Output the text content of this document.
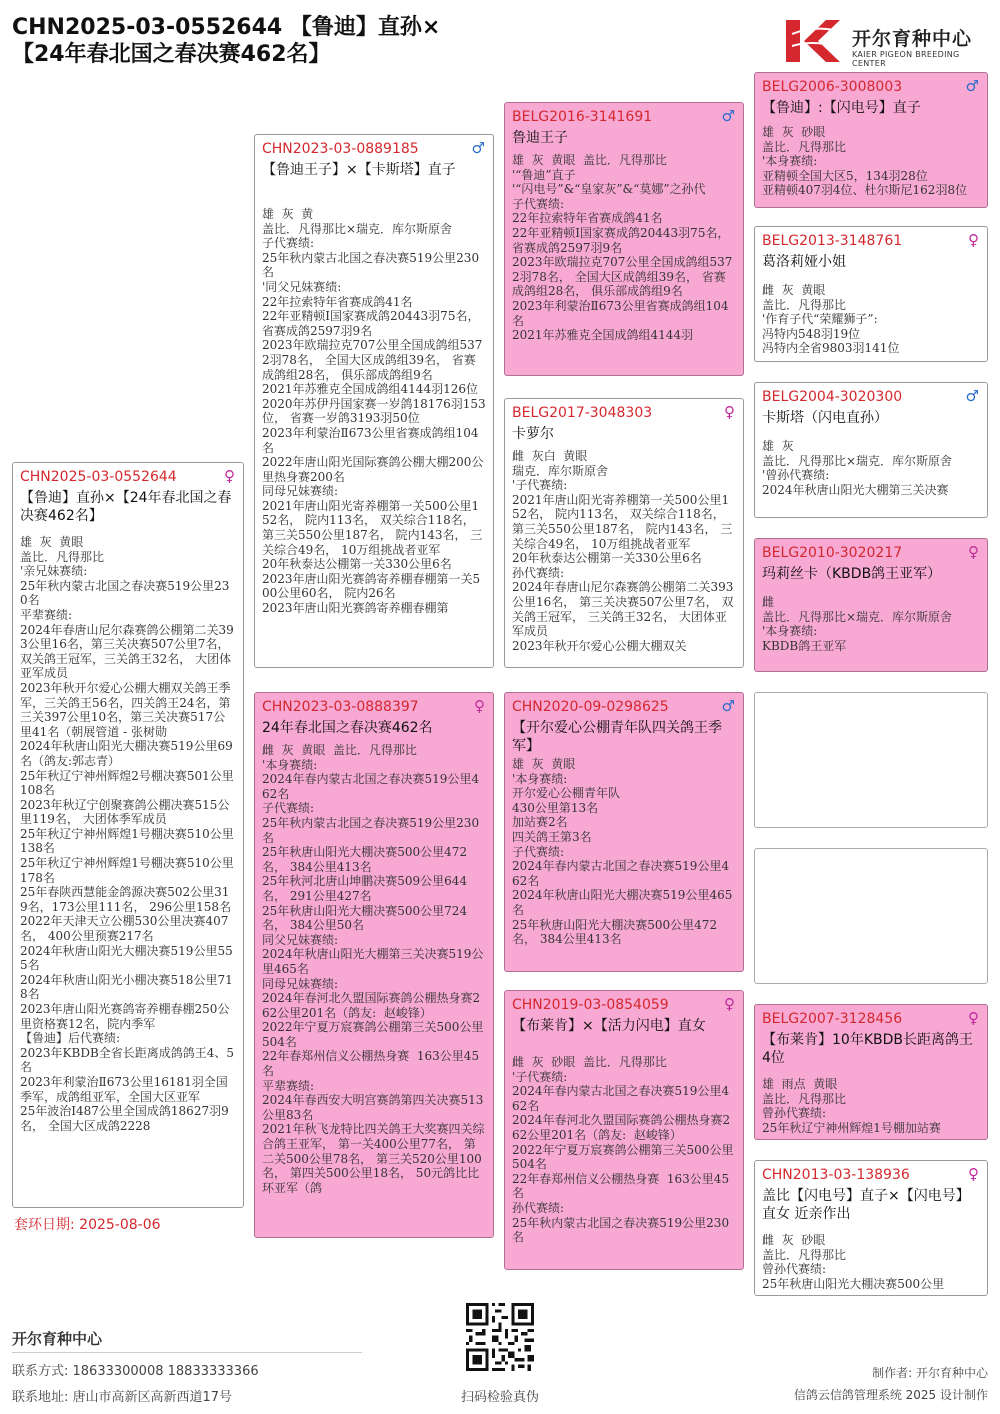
CHN2025-03-0552644 【鲁迪】直孙×【24年春北国之春决赛462名】
开尔育种中心
KAIER PIGEON BREEDING CENTER
CHN2025-03-0552644	♀
【鲁迪】直孙×【24年春北国之春决赛462名】
雄  灰  黄眼
盖比．凡得那比
'亲兄妹赛绩:
25年秋内蒙古北国之春决赛519公里230名
平辈赛绩:
2024年春唐山尼尔森赛鸽公棚第二关393公里16名，第三关决赛507公里7名， 双关鸽王冠军，三关鸽王32名， 大团体亚军成员
2023年秋开尔爱心公棚大棚双关鸽王季军，三关鸽王56名，四关鸽王24名，第三关397公里10名，第三关决赛517公里41名（朝展管道 - 张树勋
2024年秋唐山阳光大棚决赛519公里69名（鸽友:郭志青）
25年秋辽宁神州辉煌2号棚决赛501公里108名
2023年秋辽宁创聚赛鸽公棚决赛515公里119名， 大团体季军成员
25年秋辽宁神州辉煌1号棚决赛510公里138名
25年秋辽宁神州辉煌1号棚决赛510公里178名
25年春陕西慧能金鸽源决赛502公里319名，173公里111名， 296公里158名
2022年天津天立公棚530公里决赛407名， 400公里预赛217名
2024年秋唐山阳光大棚决赛519公里555名
2024年秋唐山阳光小棚决赛518公里718名
2023年唐山阳光赛鸽寄养棚春棚250公里资格赛12名，院内季军
【鲁迪】后代赛绩:
2023年KBDB全省长距离成鸽鸽王4、5名
2023年利蒙治Ⅱ673公里16181羽全国季军，成鸽组亚军，全国大区亚军
25年波治Ⅰ487公里全国成鸽18627羽9名， 全国大区成鸽2228
套环日期: 2025-08-06
CHN2023-03-0889185	♂
【鲁迪王子】×【卡斯塔】直子
雄  灰  黄
盖比．凡得那比×瑞克．库尔斯原舍
子代赛绩:
25年秋内蒙古北国之春决赛519公里230名
'同父兄妹赛绩:
22年拉索特年省赛成鸽41名
22年亚精顿Ⅰ国家赛成鸽20443羽75名， 省赛成鸽2597羽9名
2023年欧瑞拉克707公里全国成鸽组5372羽78名， 全国大区成鸽组39名， 省赛成鸽组28名， 俱乐部成鸽组9名
2021年苏雅克全国成鸽组4144羽126位
2020年苏伊丹国家赛一岁鸽18176羽153位， 省赛一岁鸽3193羽50位
2023年利蒙治Ⅱ673公里省赛成鸽组104名
2022年唐山阳光国际赛鸽公棚大棚200公里热身赛200名
同母兄妹赛绩:
2021年唐山阳光寄养棚第一关500公里152名， 院内113名， 双关综合118名， 第三关550公里187名， 院内143名， 三关综合49名， 10万组挑战者亚军
20年秋泰达公棚第一关330公里6名
2023年唐山阳光赛鸽寄养棚春棚第一关500公里60名， 院内26名
2023年唐山阳光赛鸽寄养棚春棚第
CHN2023-03-0888397	♀
24年春北国之春决赛462名
雌  灰  黄眼  盖比．凡得那比
'本身赛绩:
2024年春内蒙古北国之春决赛519公里462名
子代赛绩:
25年秋内蒙古北国之春决赛519公里230名
25年秋唐山阳光大棚决赛500公里472名， 384公里413名
25年秋河北唐山坤鹏决赛509公里644名， 291公里427名
25年秋唐山阳光大棚决赛500公里724名， 384公里50名
同父兄妹赛绩:
2024年秋唐山阳光大棚第三关决赛519公里465名
同母兄妹赛绩:
2024年春河北久盟国际赛鸽公棚热身赛262公里201名（鸽友:  赵峻锋）
2022年宁夏万宸赛鸽公棚第三关500公里504名
22年春郑州信义公棚热身赛  163公里45名
平辈赛绩:
2024年春西安大明宫赛鸽第四关决赛513公里83名
2021年秋飞龙特比四关鸽王大奖赛四关综合鸽王亚军， 第一关400公里77名， 第二关500公里78名， 第三关520公里100名， 第四关500公里18名， 50元鸽比比环亚军（鸽
BELG2016-3141691	♂
鲁迪王子
雄  灰  黄眼  盖比．凡得那比
'“鲁迪”直子
'“闪电号”&“皇家灰”&“莫娜”之孙代
子代赛绩:
22年拉索特年省赛成鸽41名
22年亚精顿Ⅰ国家赛成鸽20443羽75名， 省赛成鸽2597羽9名
2023年欧瑞拉克707公里全国成鸽组5372羽78名， 全国大区成鸽组39名， 省赛成鸽组28名， 俱乐部成鸽组9名
2023年利蒙治Ⅱ673公里省赛成鸽组104名
2021年苏雅克全国成鸽组4144羽
BELG2017-3048303	♀
卡萝尔
雌  灰白  黄眼
瑞克．库尔斯原舍
'子代赛绩:
2021年唐山阳光寄养棚第一关500公里152名， 院内113名， 双关综合118名， 第三关550公里187名， 院内143名， 三关综合49名， 10万组挑战者亚军
20年秋泰达公棚第一关330公里6名
孙代赛绩:
2024年春唐山尼尔森赛鸽公棚第二关393公里16名， 第三关决赛507公里7名， 双关鸽王冠军， 三关鸽王32名， 大团体亚军成员
2023年秋开尔爱心公棚大棚双关
CHN2020-09-0298625	♂
【开尔爱心公棚青年队四关鸽王季军】
雄  灰  黄眼
'本身赛绩:
开尔爱心公棚青年队
430公里第13名
加站赛2名
四关鸽王第3名
子代赛绩:
2024年春内蒙古北国之春决赛519公里462名
2024年秋唐山阳光大棚决赛519公里465名
25年秋唐山阳光大棚决赛500公里472名， 384公里413名
CHN2019-03-0854059	♀
【布莱肯】×【活力闪电】直女
雌  灰  砂眼  盖比．凡得那比
'子代赛绩:
2024年春内蒙古北国之春决赛519公里462名
2024年春河北久盟国际赛鸽公棚热身赛262公里201名（鸽友:  赵峻锋）
2022年宁夏万宸赛鸽公棚第三关500公里504名
22年春郑州信义公棚热身赛  163公里45名
孙代赛绩:
25年秋内蒙古北国之春决赛519公里230名
BELG2006-3008003	♂
【鲁迪】:【闪电号】直子
雄  灰  砂眼
盖比．凡得那比
'本身赛绩:
亚精顿全国大区5，134羽28位
亚精顿407羽4位、杜尔斯尼162羽8位
BELG2013-3148761	♀
葛洛莉娅小姐
雌  灰  黄眼
盖比．凡得那比
'作育子代“荣耀狮子”:
冯特内548羽19位
冯特内全省9803羽141位
BELG2004-3020300	♂
卡斯塔（闪电直孙）
雄  灰
盖比．凡得那比×瑞克．库尔斯原舍
'曾孙代赛绩:
2024年秋唐山阳光大棚第三关决赛
BELG2010-3020217	♀
玛莉丝卡（KBDB鸽王亚军）
雌
盖比．凡得那比×瑞克．库尔斯原舍
'本身赛绩:
KBDB鸽王亚军
BELG2007-3128456	♀
【布莱肯】10年KBDB长距离鸽王4位
雄  雨点  黄眼
盖比．凡得那比
曾孙代赛绩:
25年秋辽宁神州辉煌1号棚加站赛
CHN2013-03-138936	♀
盖比【闪电号】直子×【闪电号】直女 近亲作出
雌  灰  砂眼
盖比．凡得那比
曾孙代赛绩:
25年秋唐山阳光大棚决赛500公里
开尔育种中心
联系方式: 18633300008 18833333366
联系地址: 唐山市高新区高新西道17号	扫码检验真伪
制作者: 开尔育种中心
信鸽云信鸽管理系统 2025 设计制作
